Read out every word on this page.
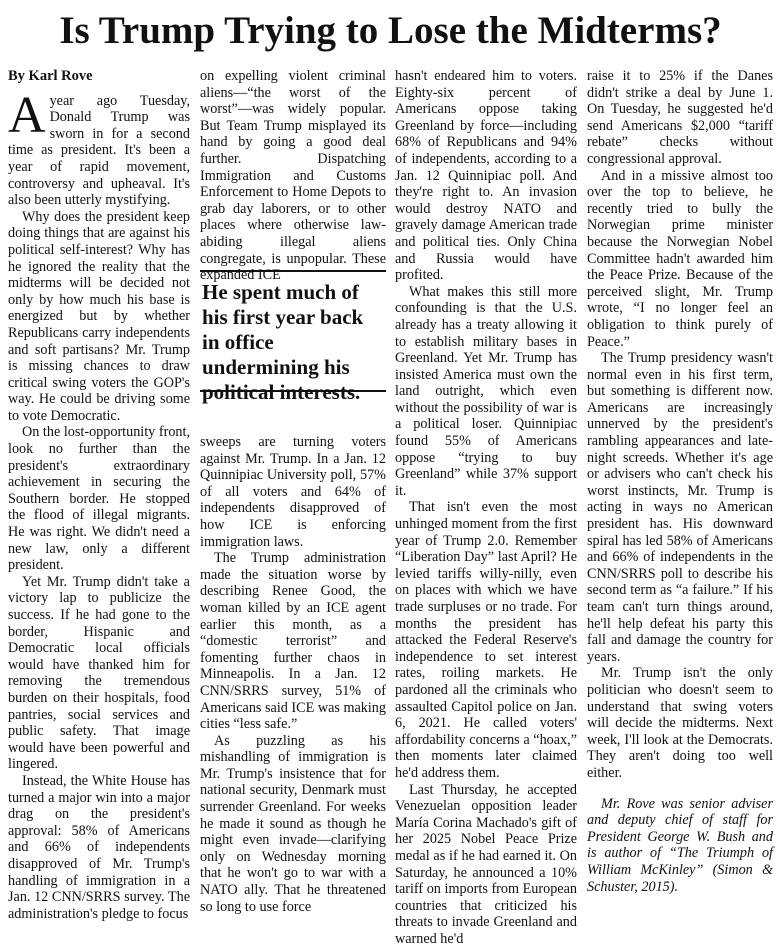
Is Trump Trying to Lose the Midterms?

By Karl Rove

Ayear ago Tuesday, Donald Trump was sworn in for a second time as president. It's been a year of rapid movement, controversy and upheaval. It's also been utterly mystifying.

Why does the president keep doing things that are against his political self-interest? Why has he ignored the reality that the midterms will be decided not only by how much his base is energized but by whether Republicans carry independents and soft partisans? Mr. Trump is missing chances to draw critical swing voters the GOP's way. He could be driving some to vote Democratic.

On the lost-opportunity front, look no further than the president's extraordinary achievement in securing the Southern border. He stopped the flood of illegal migrants. He was right. We didn't need a new law, only a different president.

Yet Mr. Trump didn't take a victory lap to publicize the success. If he had gone to the border, Hispanic and Democratic local officials would have thanked him for removing the tremendous burden on their hospitals, food pantries, social services and public safety. That image would have been powerful and lingered.

Instead, the White House has turned a major win into a major drag on the president's approval: 58% of Americans and 66% of independents disapproved of Mr. Trump's handling of immigration in a Jan. 12 CNN/SRRS survey. The administration's pledge to focus

on expelling violent criminal aliens—“the worst of the worst”—was widely popular. But Team Trump misplayed its hand by going a good deal further. Dispatching Immigration and Customs Enforcement to Home Depots to grab day laborers, or to other places where otherwise law-abiding illegal aliens congregate, is unpopular. These expanded ICE

He spent much of his first year back in office undermining his political interests.

sweeps are turning voters against Mr. Trump. In a Jan. 12 Quinnipiac University poll, 57% of all voters and 64% of independents disapproved of how ICE is enforcing immigration laws.

The Trump administration made the situation worse by describing Renee Good, the woman killed by an ICE agent earlier this month, as a “domestic terrorist” and fomenting further chaos in Minneapolis. In a Jan. 12 CNN/SRRS survey, 51% of Americans said ICE was making cities “less safe.”

As puzzling as his mishandling of immigration is Mr. Trump's insistence that for national security, Denmark must surrender Greenland. For weeks he made it sound as though he might even invade—clarifying only on Wednesday morning that he won't go to war with a NATO ally. That he threatened so long to use force

hasn't endeared him to voters. Eighty-six percent of Americans oppose taking Greenland by force—including 68% of Republicans and 94% of independents, according to a Jan. 12 Quinnipiac poll. And they're right to. An invasion would destroy NATO and gravely damage American trade and political ties. Only China and Russia would have profited.

What makes this still more confounding is that the U.S. already has a treaty allowing it to establish military bases in Greenland. Yet Mr. Trump has insisted America must own the land outright, which even without the possibility of war is a political loser. Quinnipiac found 55% of Americans oppose “trying to buy Greenland” while 37% support it.

That isn't even the most unhinged moment from the first year of Trump 2.0. Remember “Liberation Day” last April? He levied tariffs willy-nilly, even on places with which we have trade surpluses or no trade. For months the president has attacked the Federal Reserve's independence to set interest rates, roiling markets. He pardoned all the criminals who assaulted Capitol police on Jan. 6, 2021. He called voters' affordability concerns a “hoax,” then moments later claimed he'd address them.

Last Thursday, he accepted Venezuelan opposition leader María Corina Machado's gift of her 2025 Nobel Peace Prize medal as if he had earned it. On Saturday, he announced a 10% tariff on imports from European countries that criticized his threats to invade Greenland and warned he'd

raise it to 25% if the Danes didn't strike a deal by June 1. On Tuesday, he suggested he'd send Americans $2,000 “tariff rebate” checks without congressional approval.

And in a missive almost too over the top to believe, he recently tried to bully the Norwegian prime minister because the Norwegian Nobel Committee hadn't awarded him the Peace Prize. Because of the perceived slight, Mr. Trump wrote, “I no longer feel an obligation to think purely of Peace.”

The Trump presidency wasn't normal even in his first term, but something is different now. Americans are increasingly unnerved by the president's rambling appearances and late-night screeds. Whether it's age or advisers who can't check his worst instincts, Mr. Trump is acting in ways no American president has. His downward spiral has led 58% of Americans and 66% of independents in the CNN/SRRS poll to describe his second term as “a failure.” If his team can't turn things around, he'll help defeat his party this fall and damage the country for years.

Mr. Trump isn't the only politician who doesn't seem to understand that swing voters will decide the midterms. Next week, I'll look at the Democrats. They aren't doing too well either.

Mr. Rove was senior adviser and deputy chief of staff for President George W. Bush and is author of “The Triumph of William McKinley” (Simon & Schuster, 2015).
